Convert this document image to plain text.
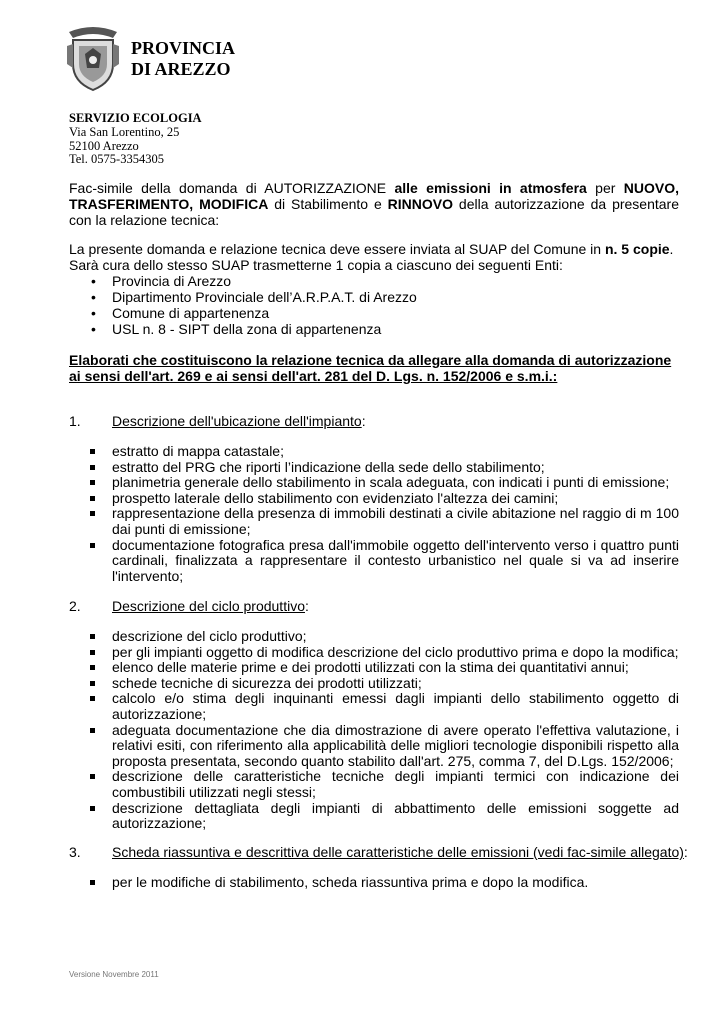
PROVINCIA
DI AREZZO
SERVIZIO ECOLOGIA
Via San Lorentino, 25
52100 Arezzo
Tel. 0575-3354305
Fac-simile della domanda di AUTORIZZAZIONE alle emissioni in atmosfera per NUOVO, TRASFERIMENTO, MODIFICA di Stabilimento e RINNOVO della autorizzazione da presentare con la relazione tecnica:
La presente domanda e relazione tecnica deve essere inviata al SUAP del Comune in n. 5 copie.
Sarà cura dello stesso SUAP trasmetterne 1 copia a ciascuno dei seguenti Enti:
• Provincia di Arezzo
• Dipartimento Provinciale dell’A.R.P.A.T. di Arezzo
• Comune di appartenenza
• USL n. 8 - SIPT della zona di appartenenza
Elaborati che costituiscono la relazione tecnica da allegare alla domanda di autorizzazione
ai sensi dell'art. 269 e ai sensi dell'art. 281 del D. Lgs. n. 152/2006 e s.m.i.:
1. Descrizione dell'ubicazione dell'impianto:
estratto di mappa catastale;
estratto del PRG che riporti l’indicazione della sede dello stabilimento;
planimetria generale dello stabilimento in scala adeguata, con indicati i punti di emissione;
prospetto laterale dello stabilimento con evidenziato l'altezza dei camini;
rappresentazione della presenza di immobili destinati a civile abitazione nel raggio di m 100 dai punti di emissione;
documentazione fotografica presa dall'immobile oggetto dell'intervento verso i quattro punti cardinali, finalizzata a rappresentare il contesto urbanistico nel quale si va ad inserire l'intervento;
2. Descrizione del ciclo produttivo:
descrizione del ciclo produttivo;
per gli impianti oggetto di modifica descrizione del ciclo produttivo prima e dopo la modifica;
elenco delle materie prime e dei prodotti utilizzati con la stima dei quantitativi annui;
schede tecniche di sicurezza dei prodotti utilizzati;
calcolo e/o stima degli inquinanti emessi dagli impianti dello stabilimento oggetto di autorizzazione;
adeguata documentazione che dia dimostrazione di avere operato l'effettiva valutazione, i relativi esiti, con riferimento alla applicabilità delle migliori tecnologie disponibili rispetto alla proposta presentata, secondo quanto stabilito dall'art. 275, comma 7, del D.Lgs. 152/2006;
descrizione delle caratteristiche tecniche degli impianti termici con indicazione dei combustibili utilizzati negli stessi;
descrizione dettagliata degli impianti di abbattimento delle emissioni soggette ad autorizzazione;
3. Scheda riassuntiva e descrittiva delle caratteristiche delle emissioni (vedi fac-simile allegato):
per le modifiche di stabilimento, scheda riassuntiva prima e dopo la modifica.
Versione Novembre 2011
